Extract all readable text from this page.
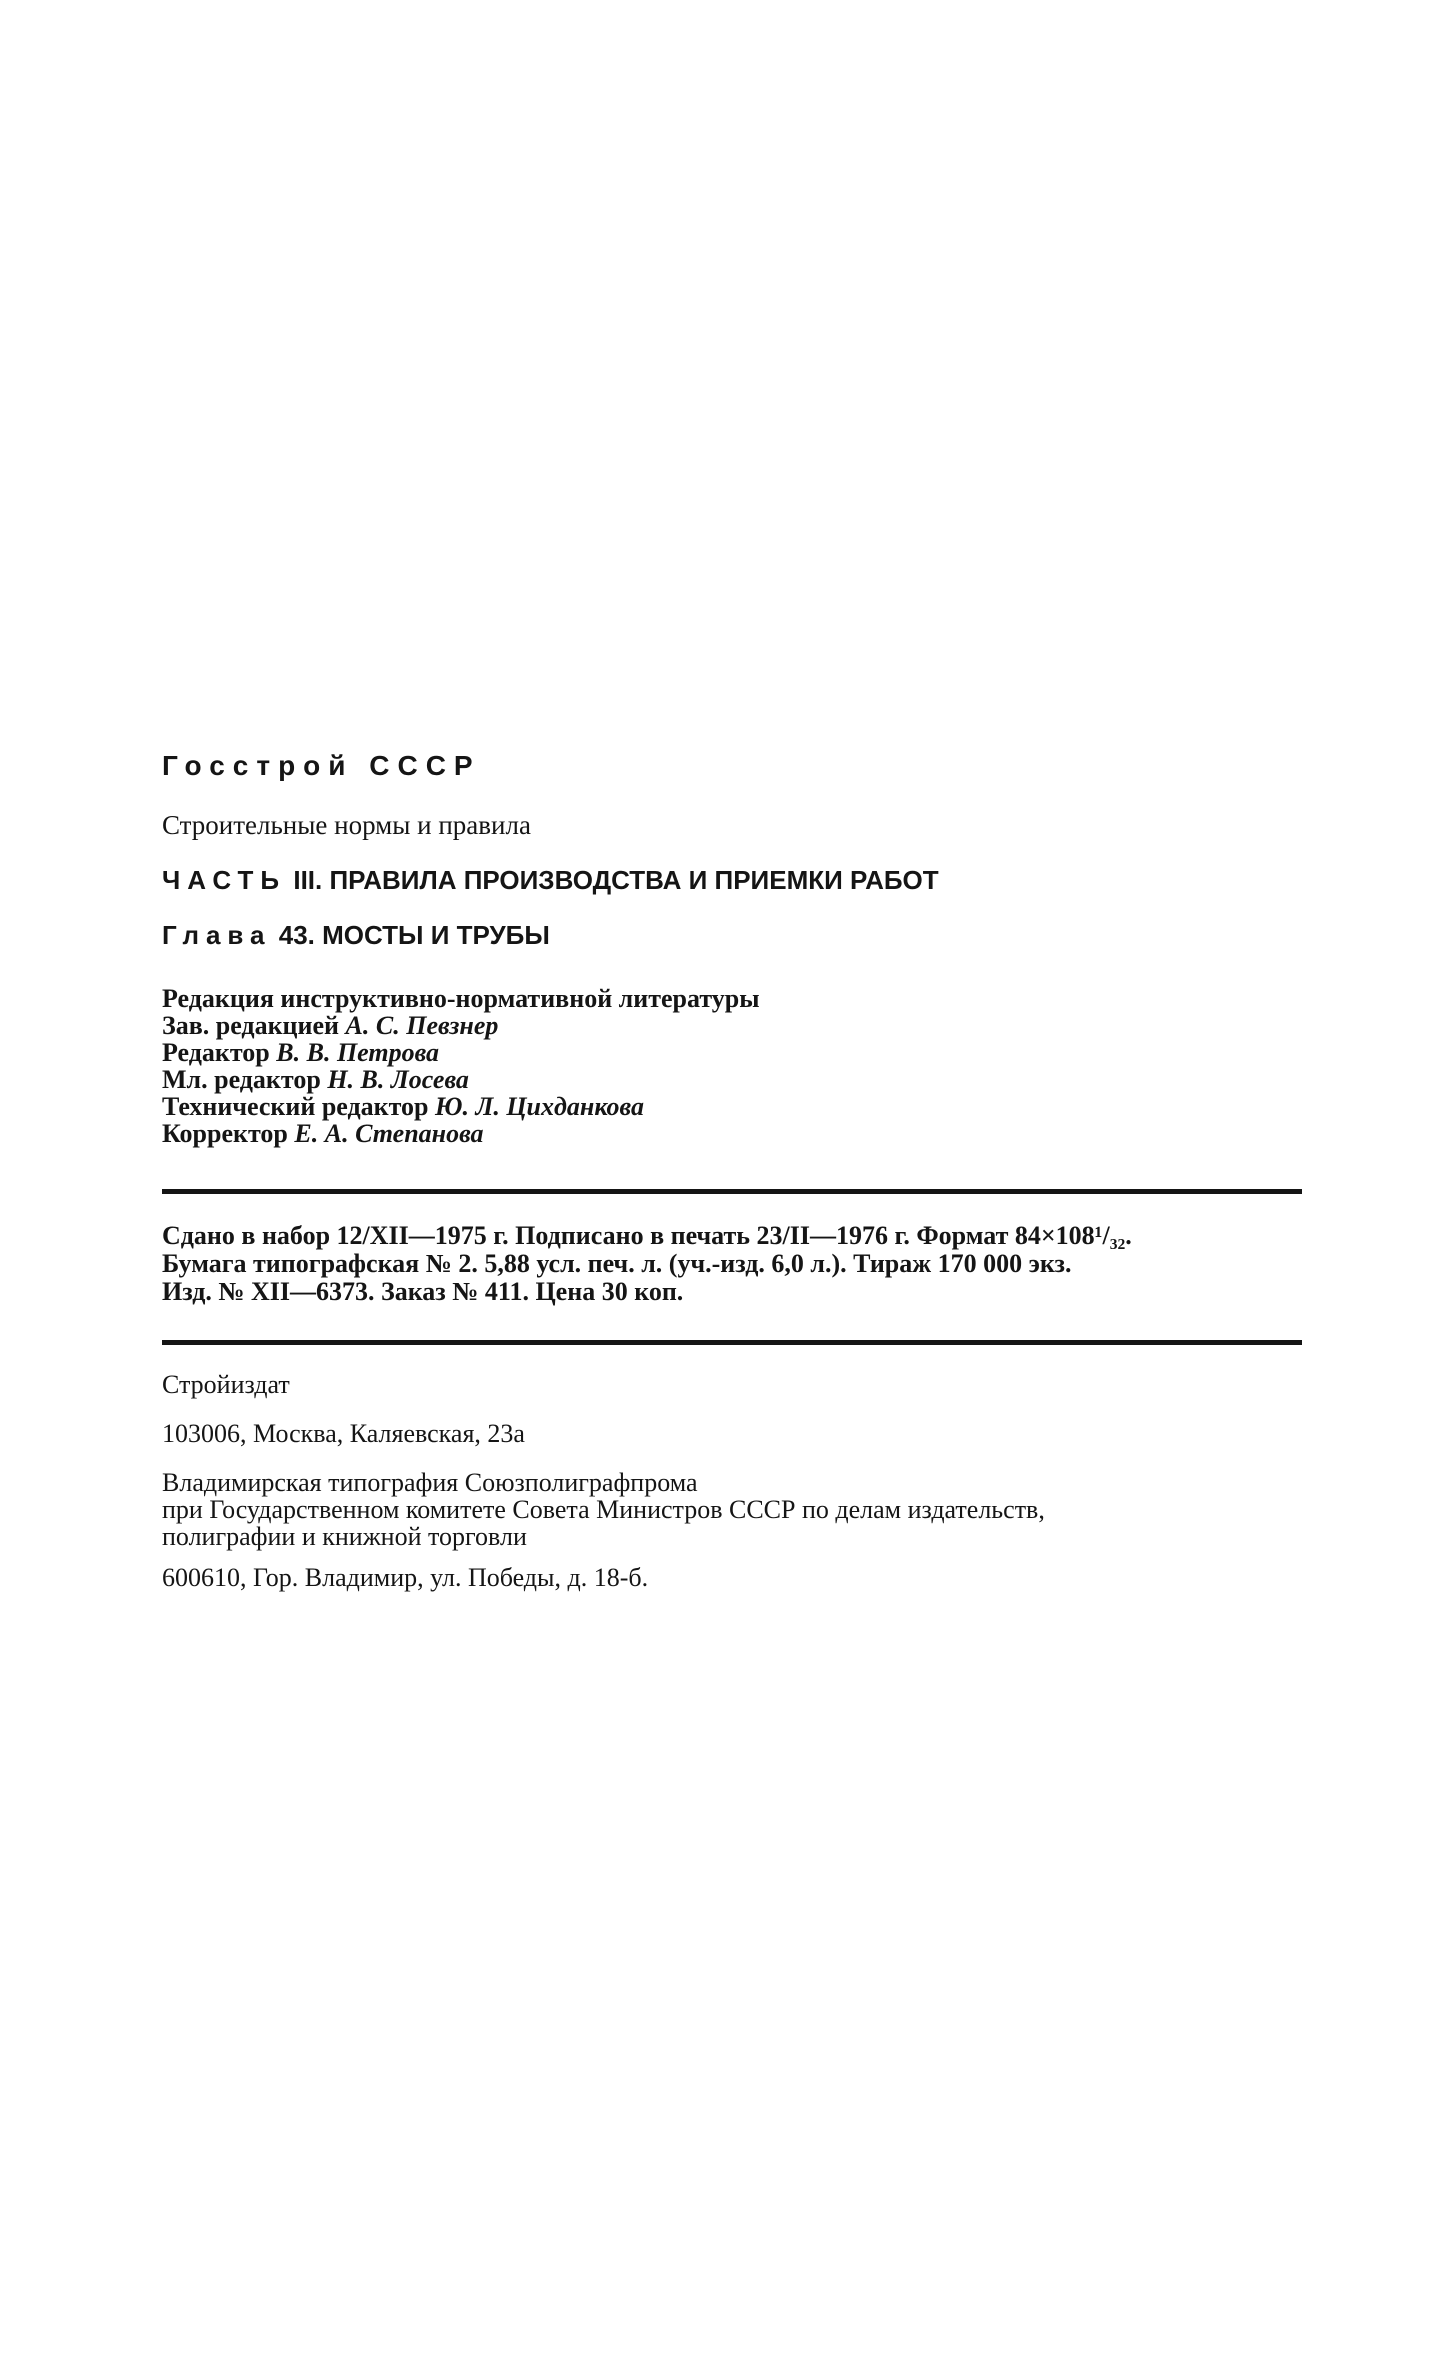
Госстрой СССР

Строительные нормы и правила

ЧАСТЬ III. ПРАВИЛА ПРОИЗВОДСТВА И ПРИЕМКИ РАБОТ

Глава 43. МОСТЫ И ТРУБЫ

Редакция инструктивно-нормативной литературы
Зав. редакцией А. С. Певзнер
Редактор В. В. Петрова
Мл. редактор Н. В. Лосева
Технический редактор Ю. Л. Цихданкова
Корректор Е. А. Степанова
Сдано в набор 12/XII—1975 г. Подписано в печать 23/II—1976 г. Формат 84×108¹/₃₂.
Бумага типографская № 2. 5,88 усл. печ. л. (уч.-изд. 6,0 л.). Тираж 170 000 экз.
Изд. № XII—6373. Заказ № 411. Цена 30 коп.

Стройиздат

103006, Москва, Каляевская, 23а

Владимирская типография Союзполиграфпрома
при Государственном комитете Совета Министров СССР по делам издательств,
полиграфии и книжной торговли

600610, Гор. Владимир, ул. Победы, д. 18-б.
